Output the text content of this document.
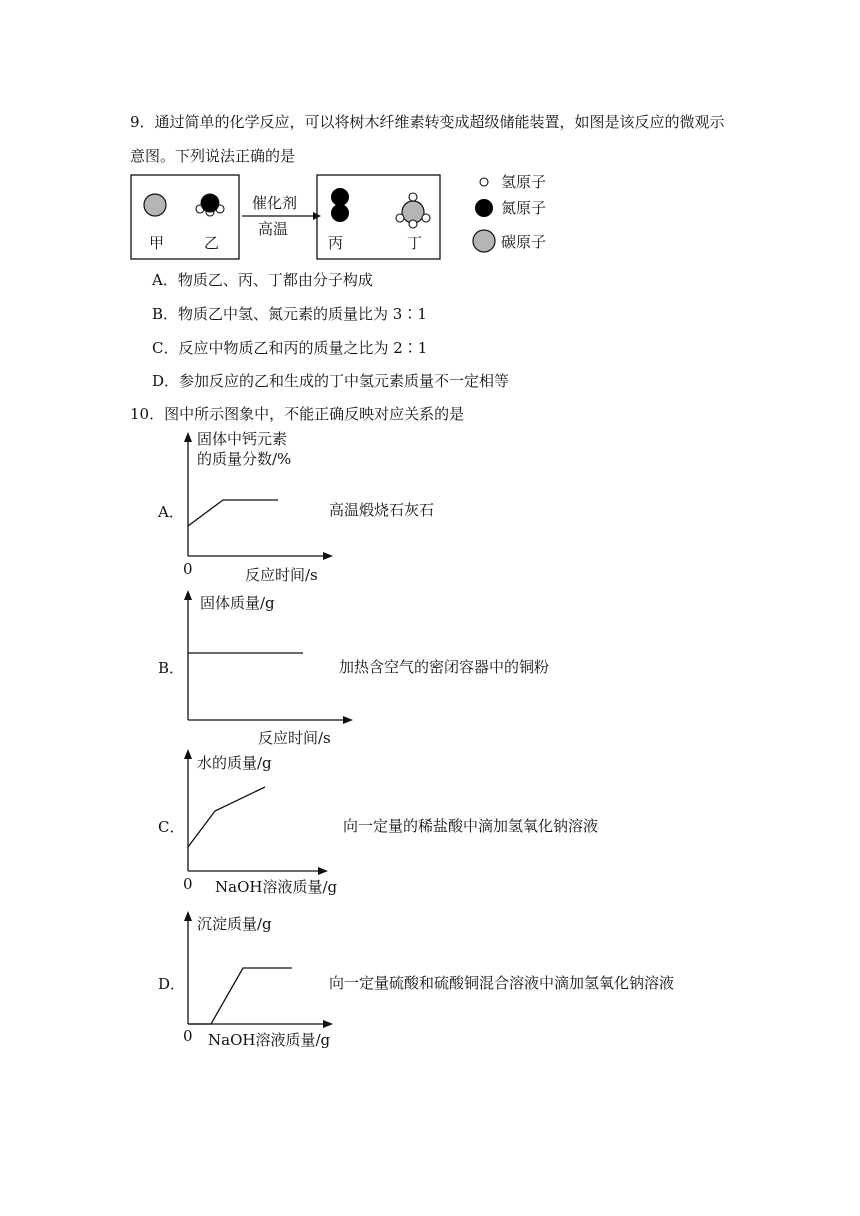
9．通过简单的化学反应，可以将树木纤维素转变成超级储能装置，如图是该反应的微观示
意图。下列说法正确的是
甲	乙
催化剂
高温
丙	丁
氢原子
氮原子
碳原子
A．物质乙、丙、丁都由分子构成
B．物质乙中氢、氮元素的质量比为 3∶1
C．反应中物质乙和丙的质量之比为 2∶1
D．参加反应的乙和生成的丁中氢元素质量不一定相等
10．图中所示图象中，不能正确反映对应关系的是
A．
固体中钙元素
的质量分数/%
0	反应时间/s
高温煅烧石灰石
B．
固体质量/g
反应时间/s
加热含空气的密闭容器中的铜粉
C．
水的质量/g
0 NaOH溶液质量/g
向一定量的稀盐酸中滴加氢氧化钠溶液
D．
沉淀质量/g
0 NaOH溶液质量/g
向一定量硫酸和硫酸铜混合溶液中滴加氢氧化钠溶液
